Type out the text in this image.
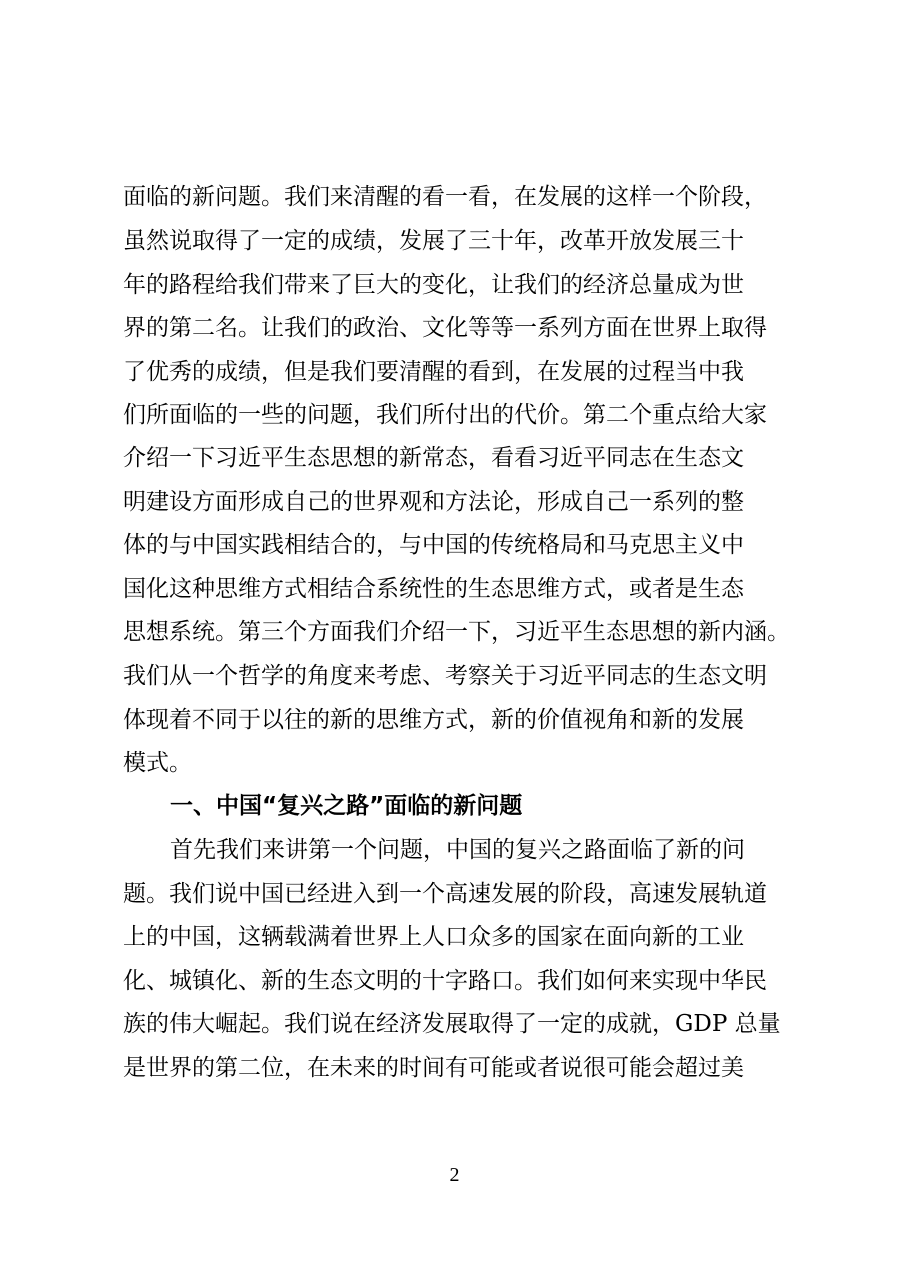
面临的新问题。我们来清醒的看一看，在发展的这样一个阶段，

虽然说取得了一定的成绩，发展了三十年，改革开放发展三十

年的路程给我们带来了巨大的变化，让我们的经济总量成为世

界的第二名。让我们的政治、文化等等一系列方面在世界上取得

了优秀的成绩，但是我们要清醒的看到，在发展的过程当中我

们所面临的一些的问题，我们所付出的代价。第二个重点给大家

介绍一下习近平生态思想的新常态，看看习近平同志在生态文

明建设方面形成自己的世界观和方法论，形成自己一系列的整

体的与中国实践相结合的，与中国的传统格局和马克思主义中

国化这种思维方式相结合系统性的生态思维方式，或者是生态

思想系统。第三个方面我们介绍一下，习近平生态思想的新内涵。

我们从一个哲学的角度来考虑、考察关于习近平同志的生态文明

体现着不同于以往的新的思维方式，新的价值视角和新的发展

模式。

一、中国“复兴之路”面临的新问题

首先我们来讲第一个问题，中国的复兴之路面临了新的问

题。我们说中国已经进入到一个高速发展的阶段，高速发展轨道

上的中国，这辆载满着世界上人口众多的国家在面向新的工业

化、城镇化、新的生态文明的十字路口。我们如何来实现中华民

族的伟大崛起。我们说在经济发展取得了一定的成就，GDP 总量

是世界的第二位，在未来的时间有可能或者说很可能会超过美

2
